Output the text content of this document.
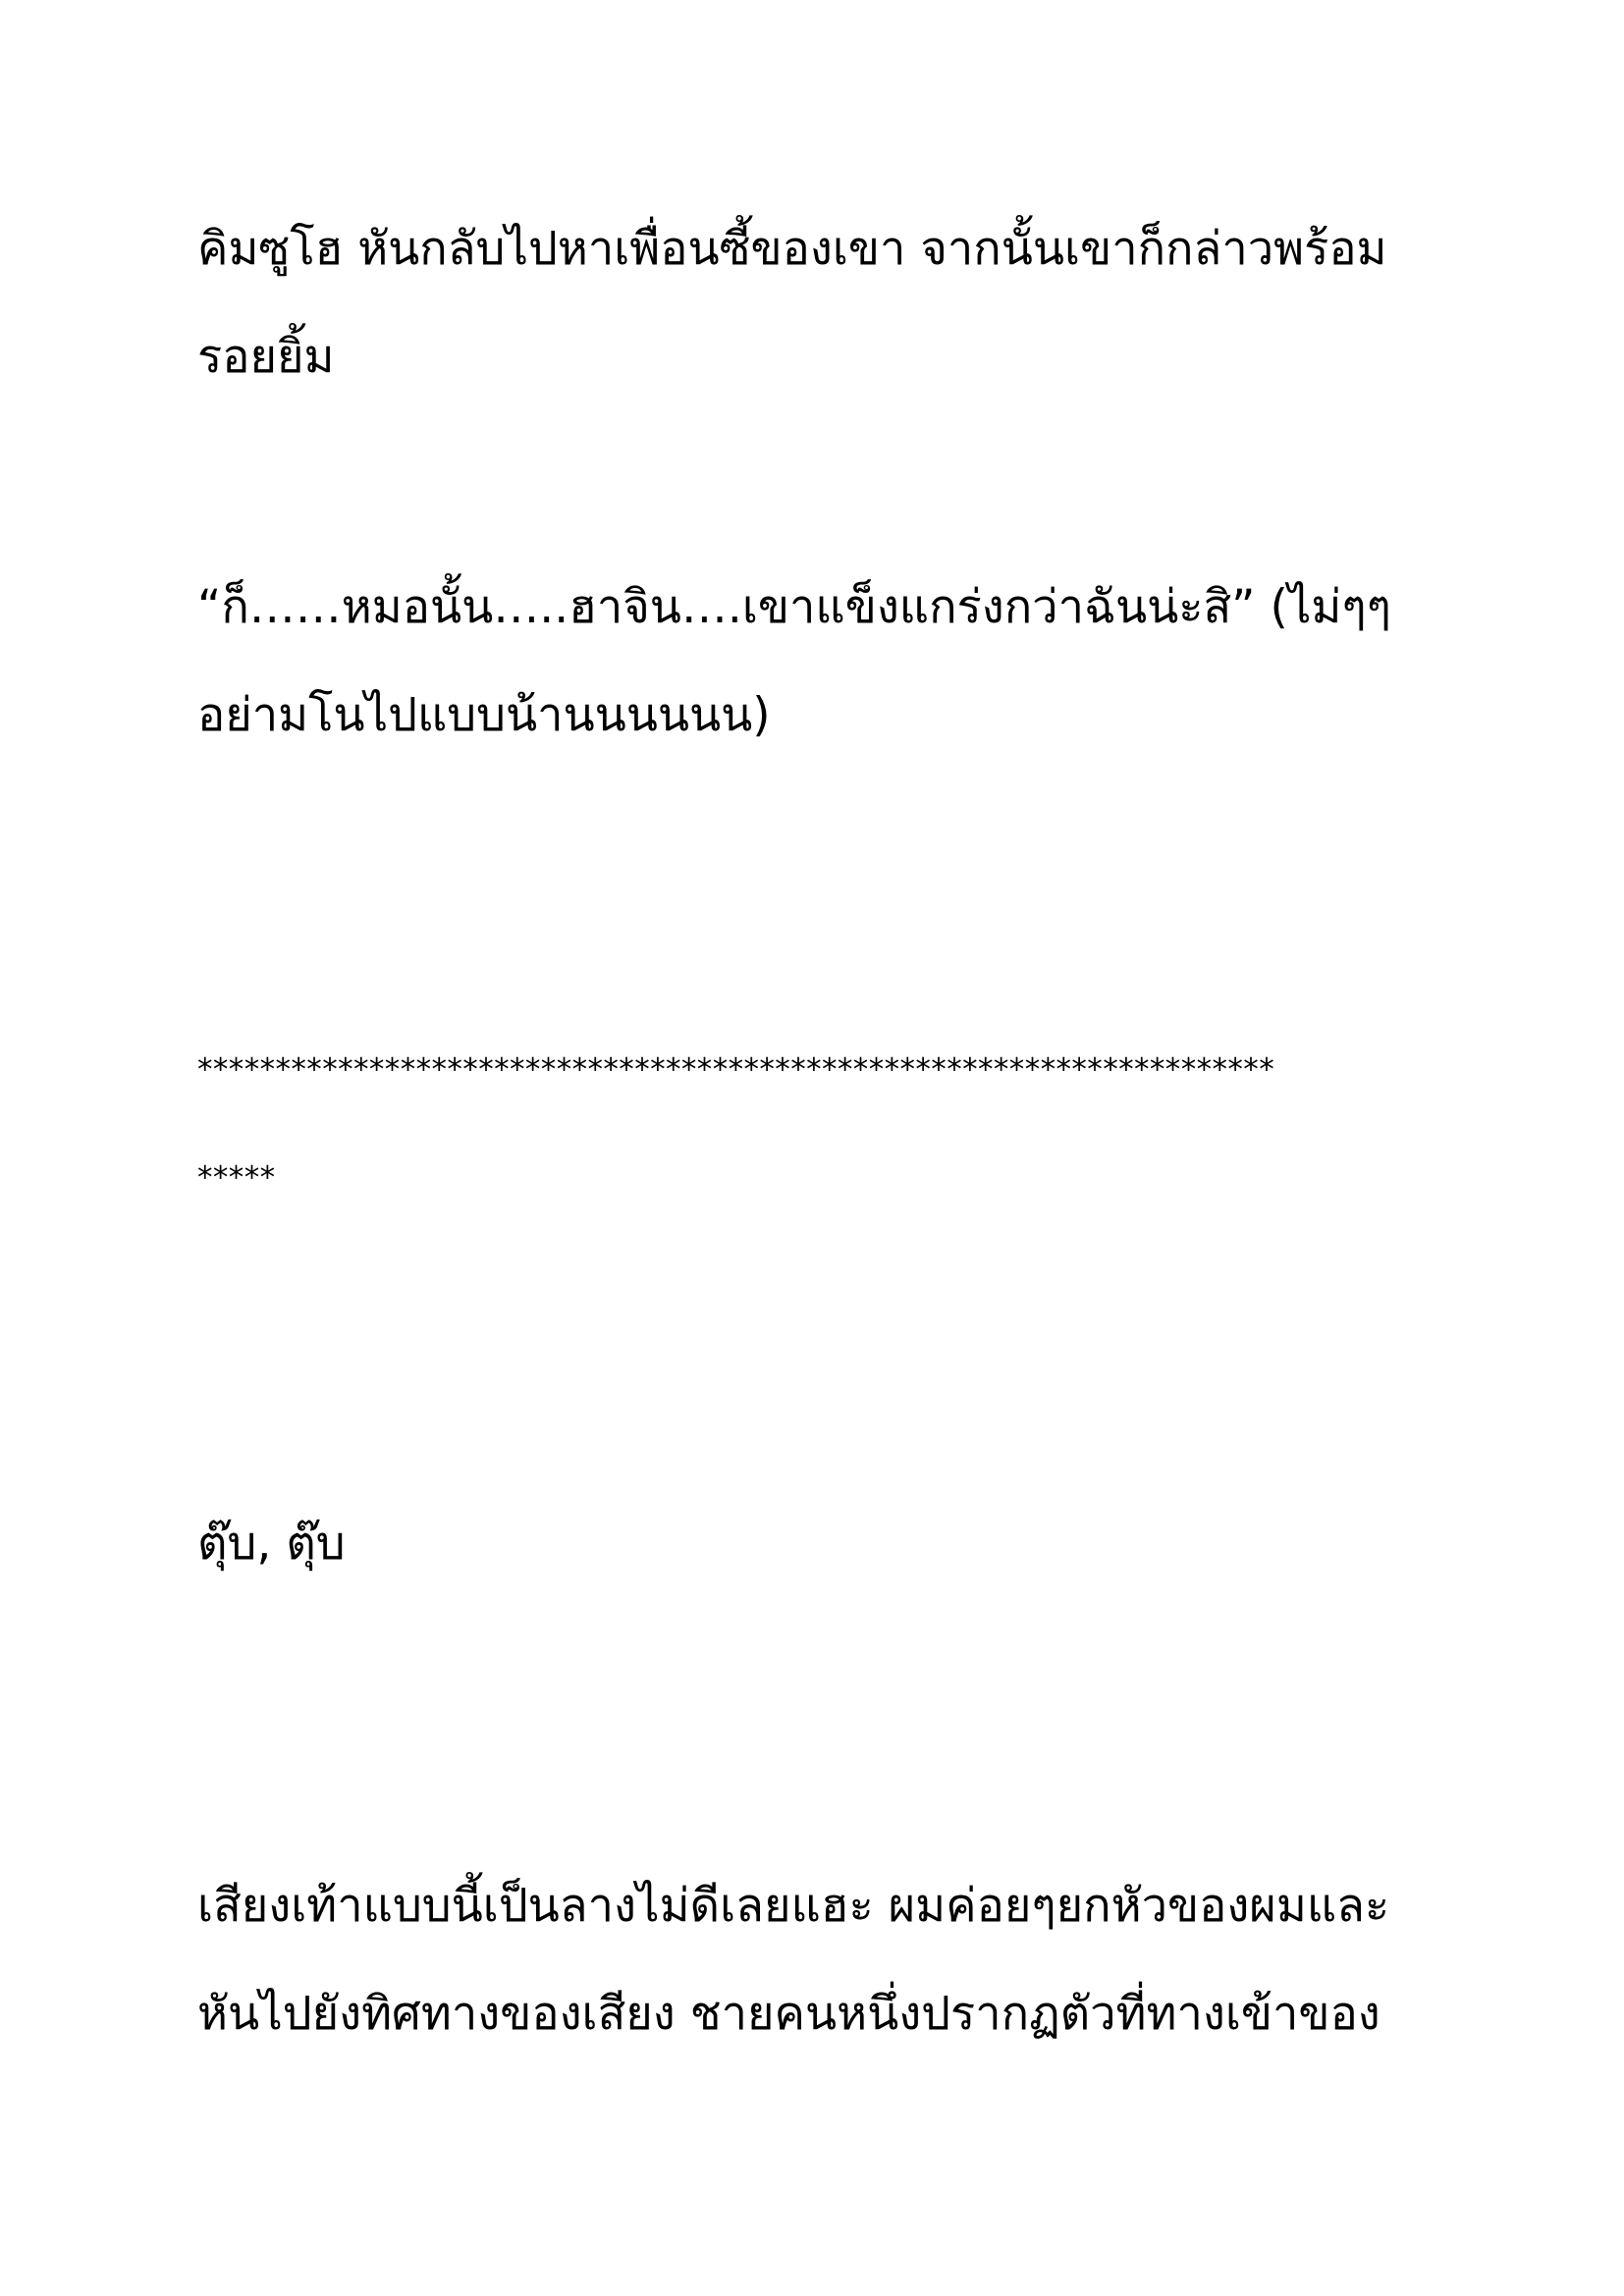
คิมซูโฮ หันกลับไปหาเพื่อนซี้ของเขา จากนั้นเขาก็กล่าวพร้อม
รอยยิ้ม
“ก็……หมอนั้น…..ฮาจิน….เขาแข็งแกร่งกว่าฉันน่ะสิ” (ไม่ๆๆ
อย่ามโนไปแบบน้านนนนนน)
*********************************************************************
*****
ตุ๊บ, ตุ๊บ
เสียงเท้าแบบนี้เป็นลางไม่ดีเลยแฮะ ผมค่อยๆยกหัวของผมและ
หันไปยังทิศทางของเสียง ชายคนหนึ่งปรากฏตัวที่ทางเข้าของ
